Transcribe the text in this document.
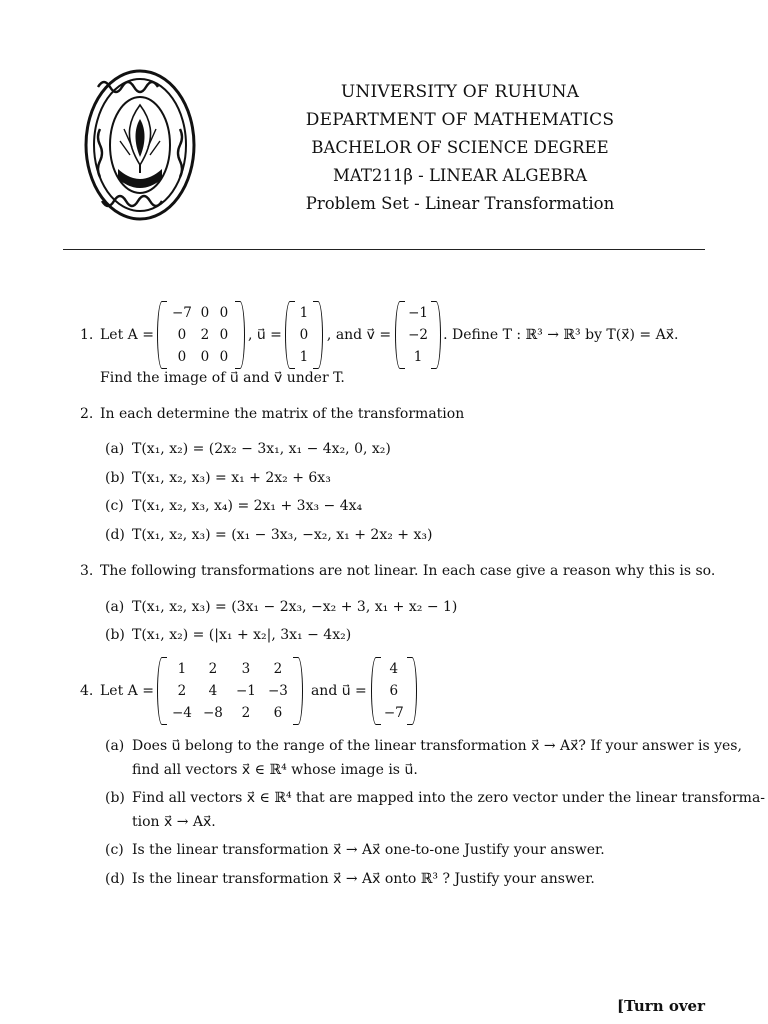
UNIVERSITY OF RUHUNA
DEPARTMENT OF MATHEMATICS
BACHELOR OF SCIENCE DEGREE
MAT211β - LINEAR ALGEBRA
Problem Set - Linear Transformation
1. Let A =
−7 0 0
0	2 0
0	0 0
, u⃗ =
1
0
1
, and v⃗ =
−1
−2
1
. Define T : ℝ³ → ℝ³ by T(x⃗) = Ax⃗.
Find the image of u⃗ and v⃗ under T.
2. In each determine the matrix of the transformation
(a) T(x₁, x₂) = (2x₂ − 3x₁, x₁ − 4x₂, 0, x₂)
(b) T(x₁, x₂, x₃) = x₁ + 2x₂ + 6x₃
(c) T(x₁, x₂, x₃, x₄) = 2x₁ + 3x₃ − 4x₄
(d) T(x₁, x₂, x₃) = (x₁ − 3x₃, −x₂, x₁ + 2x₂ + x₃)
3. The following transformations are not linear. In each case give a reason why this is so.
(a) T(x₁, x₂, x₃) = (3x₁ − 2x₃, −x₂ + 3, x₁ + x₂ − 1)
(b) T(x₁, x₂) = (|x₁ + x₂|, 3x₁ − 4x₂)
4. Let A =
1	2	3	2
2	4	−1 −3
−4 −8	2	6
and u⃗ =
4
6
−7
(a) Does u⃗ belong to the range of the linear transformation x⃗ → Ax⃗? If your answer is yes,
find all vectors x⃗ ∈ ℝ⁴ whose image is u⃗.
(b) Find all vectors x⃗ ∈ ℝ⁴ that are mapped into the zero vector under the linear transforma-
tion x⃗ → Ax⃗.
(c) Is the linear transformation x⃗ → Ax⃗ one-to-one Justify your answer.
(d) Is the linear transformation x⃗ → Ax⃗ onto ℝ³ ? Justify your answer.
[Turn over
